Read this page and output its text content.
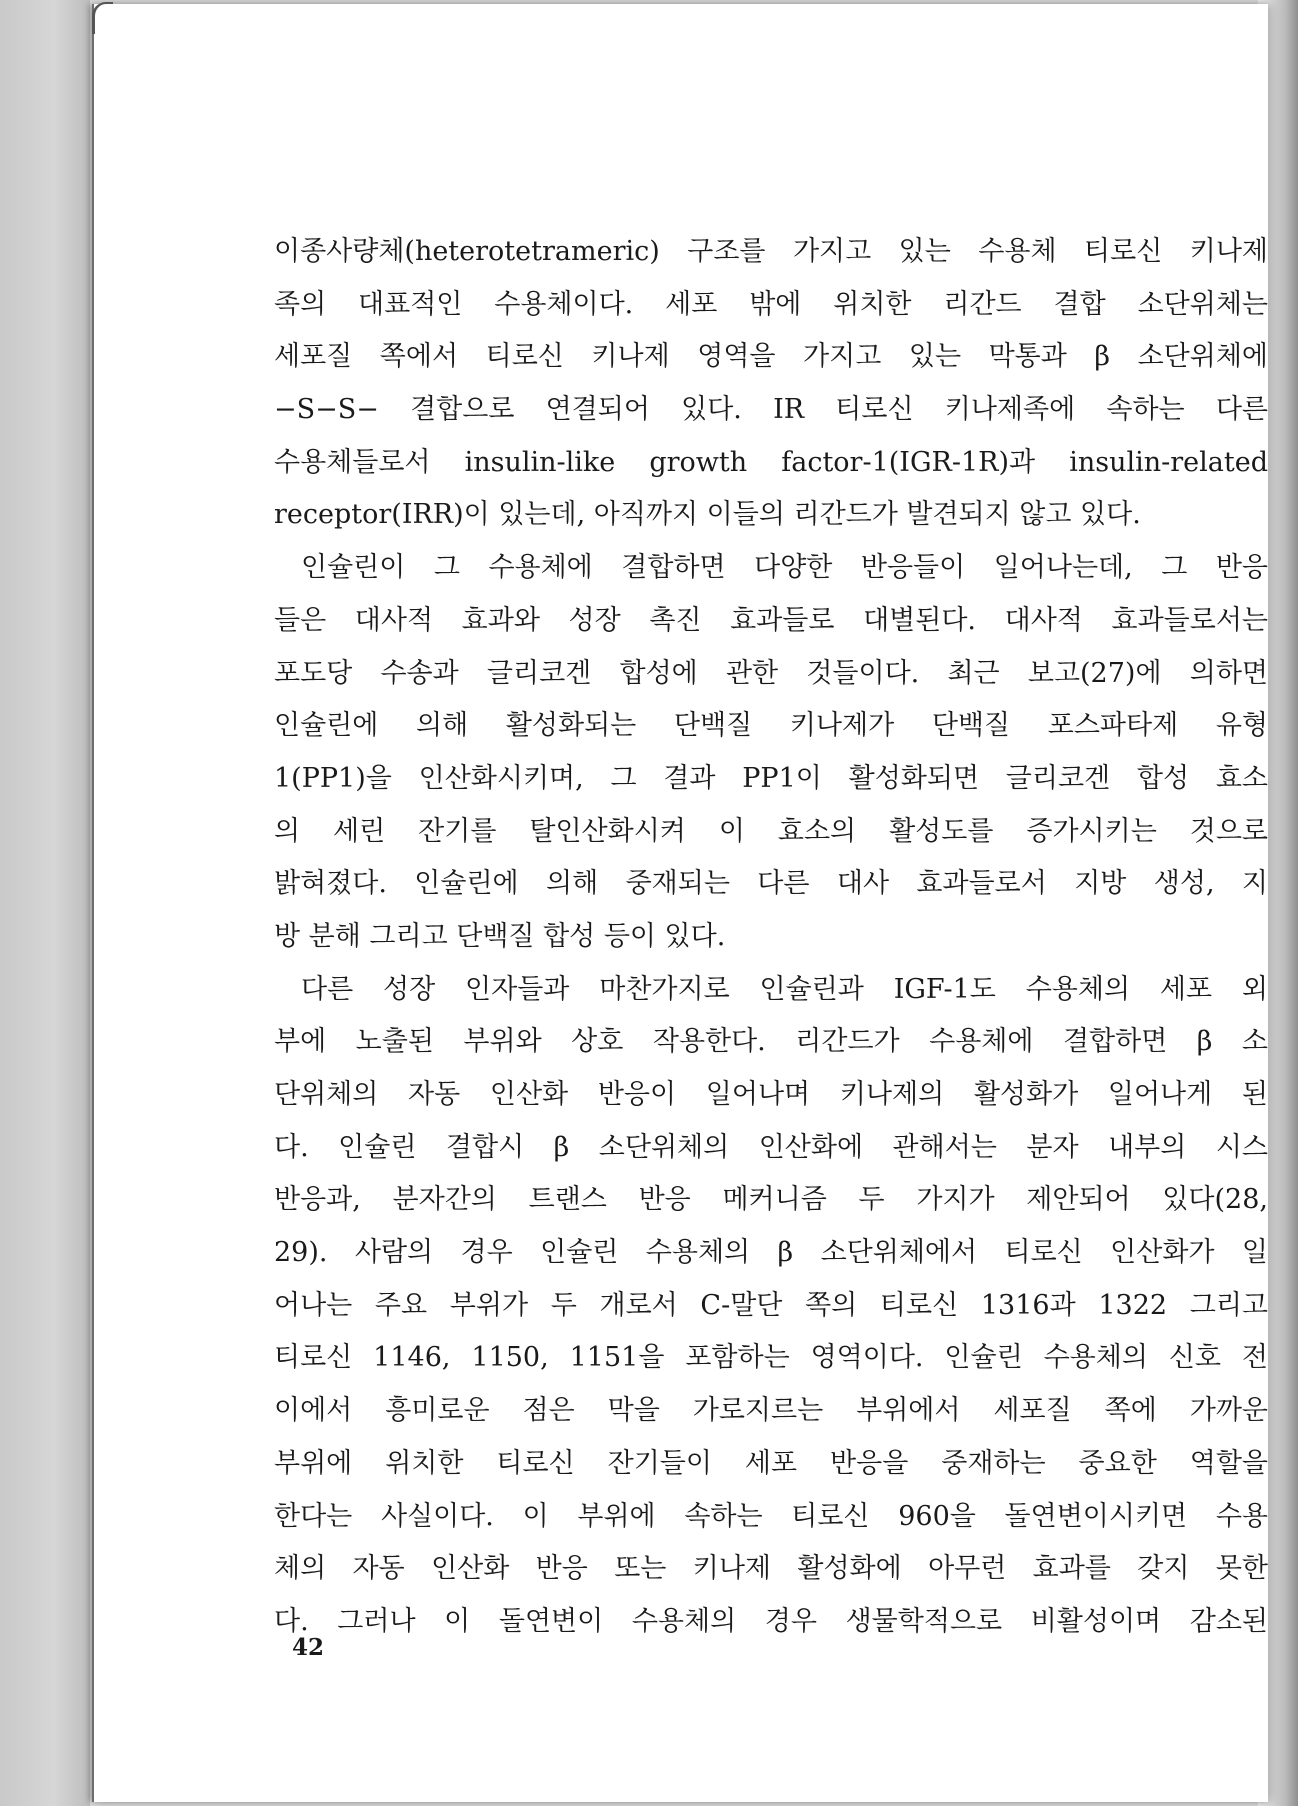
이종사량체(heterotetrameric) 구조를 가지고 있는 수용체 티로신 키나제
족의 대표적인 수용체이다. 세포 밖에 위치한 리간드 결합 소단위체는
세포질 쪽에서 티로신 키나제 영역을 가지고 있는 막통과 β 소단위체에
−S−S− 결합으로 연결되어 있다. IR 티로신 키나제족에 속하는 다른
수용체들로서 insulin-like growth factor-1(IGR-1R)과 insulin-related
receptor(IRR)이 있는데, 아직까지 이들의 리간드가 발견되지 않고 있다.
인슐린이 그 수용체에 결합하면 다양한 반응들이 일어나는데, 그 반응
들은 대사적 효과와 성장 촉진 효과들로 대별된다. 대사적 효과들로서는
포도당 수송과 글리코겐 합성에 관한 것들이다. 최근 보고(27)에 의하면
인슐린에 의해 활성화되는 단백질 키나제가 단백질 포스파타제 유형
1(PP1)을 인산화시키며, 그 결과 PP1이 활성화되면 글리코겐 합성 효소
의 세린 잔기를 탈인산화시켜 이 효소의 활성도를 증가시키는 것으로
밝혀졌다. 인슐린에 의해 중재되는 다른 대사 효과들로서 지방 생성, 지
방 분해 그리고 단백질 합성 등이 있다.
다른 성장 인자들과 마찬가지로 인슐린과 IGF-1도 수용체의 세포 외
부에 노출된 부위와 상호 작용한다. 리간드가 수용체에 결합하면 β 소
단위체의 자동 인산화 반응이 일어나며 키나제의 활성화가 일어나게 된
다. 인슐린 결합시 β 소단위체의 인산화에 관해서는 분자 내부의 시스
반응과, 분자간의 트랜스 반응 메커니즘 두 가지가 제안되어 있다(28,
29). 사람의 경우 인슐린 수용체의 β 소단위체에서 티로신 인산화가 일
어나는 주요 부위가 두 개로서 C-말단 쪽의 티로신 1316과 1322 그리고
티로신 1146, 1150, 1151을 포함하는 영역이다. 인슐린 수용체의 신호 전
이에서 흥미로운 점은 막을 가로지르는 부위에서 세포질 쪽에 가까운
부위에 위치한 티로신 잔기들이 세포 반응을 중재하는 중요한 역할을
한다는 사실이다. 이 부위에 속하는 티로신 960을 돌연변이시키면 수용
체의 자동 인산화 반응 또는 키나제 활성화에 아무런 효과를 갖지 못한
다. 그러나 이 돌연변이 수용체의 경우 생물학적으로 비활성이며 감소된
42
